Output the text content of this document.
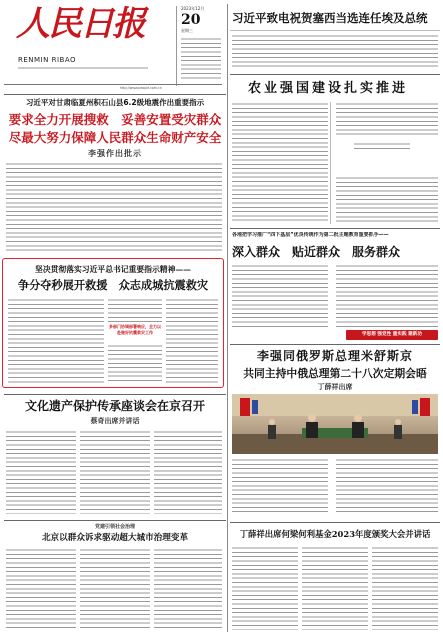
人民日报
RENMIN RIBAO
2023年12月
20
星期三
http://www.people.com.cn
习近平致电祝贺塞西当选连任埃及总统
农业强国建设扎实推进
习近平对甘肃临夏州积石山县6.2级地震作出重要指示
要求全力开展搜救　妥善安置受灾群众
尽最大努力保障人民群众生命财产安全
李强作出批示
坚决贯彻落实习近平总书记重要指示精神——
争分夺秒展开救援　众志成城抗震救灾
多部门协调部署响应，全力以赴做好抗震救灾工作
各地把学习推广“四下基层”优良传统作为第二批主题教育重要抓手——
深入群众　贴近群众　服务群众
学思想 强党性 重实践 建新功
李强同俄罗斯总理米舒斯京
共同主持中俄总理第二十八次定期会晤
丁薛祥出席
文化遗产保护传承座谈会在京召开
蔡奇出席并讲话
党建引领社会治理
北京以群众诉求驱动超大城市治理变革	丁薛祥出席何梁何利基金2023年度颁奖大会并讲话
